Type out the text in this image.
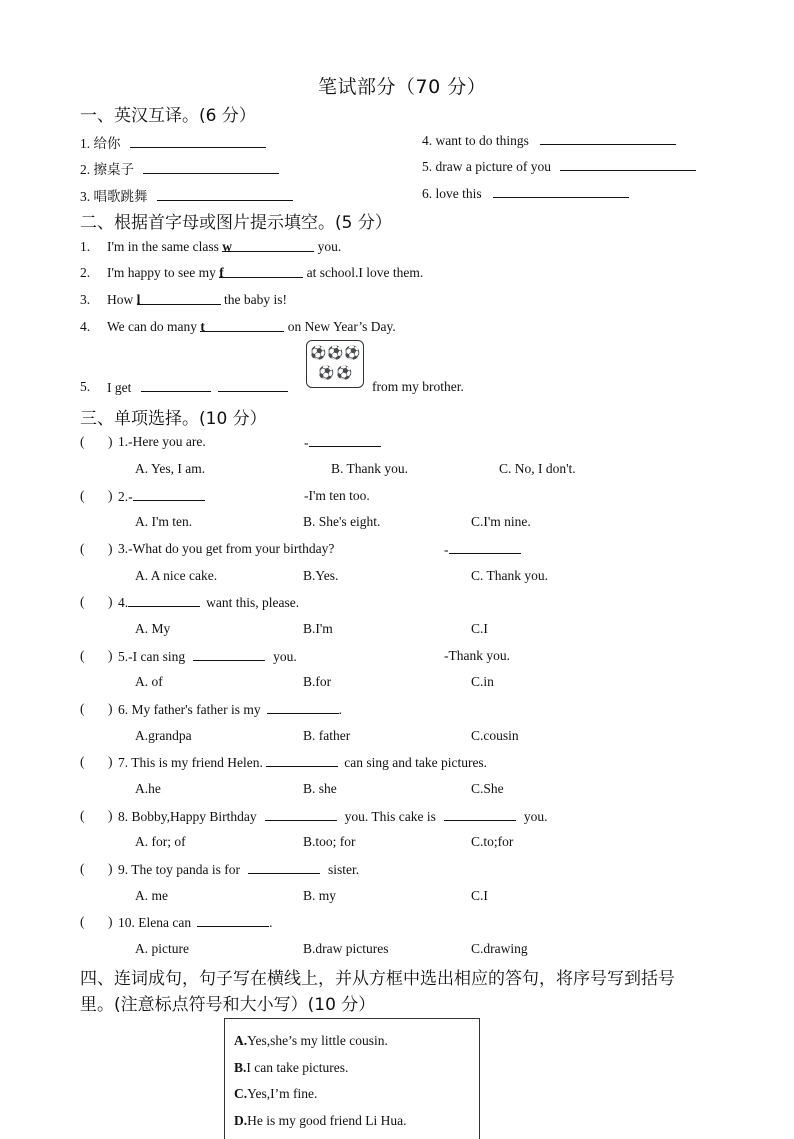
笔试部分（70 分）
一、英汉互译。(6 分）
1. 给你
2. 擦桌子
3. 唱歌跳舞
4. want to do things
5. draw a picture of you
6. love this
二、根据首字母或图片提示填空。(5 分）
1. I'm in the same class w	you.
2. I'm happy to see my f	at school.I love them.
3. How l	the baby is!
4. We can do many t	on New Year’s Day.
⚽ ⚽ ⚽
⚽ ⚽
5. I get	from my brother.
三、单项选择。(10 分）
( ) 1.-Here you are.	-
A. Yes, I am.	B. Thank you.	C. No, I don't.
( ) 2.-	-I'm ten too.
A. I'm ten.	B. She's eight.	C.I'm nine.
( ) 3.-What do you get from your birthday?	-
A. A nice cake.	B.Yes.	C. Thank you.
( ) 4.	want this, please.
A. My	B.I'm	C.I
( ) 5.-I can sing	you.	-Thank you.
A. of	B.for	C.in
( ) 6. My father's father is my	.
A.grandpa	B. father	C.cousin
( ) 7. This is my friend Helen.	can sing and take pictures.
A.he	B. she	C.She
( ) 8. Bobby,Happy Birthday	you. This cake is	you.
A. for; of	B.too; for	C.to;for
( ) 9. The toy panda is for	sister.
A. me	B. my	C.I
( ) 10. Elena can	.
A. picture	B.draw pictures	C.drawing
四、连词成句，句子写在横线上，并从方框中选出相应的答句，将序号写到括号
里。(注意标点符号和大小写）(10 分）
A.Yes,she’s my little cousin.
B.I can take pictures.
C.Yes,I’m fine.
D.He is my good friend Li Hua.
